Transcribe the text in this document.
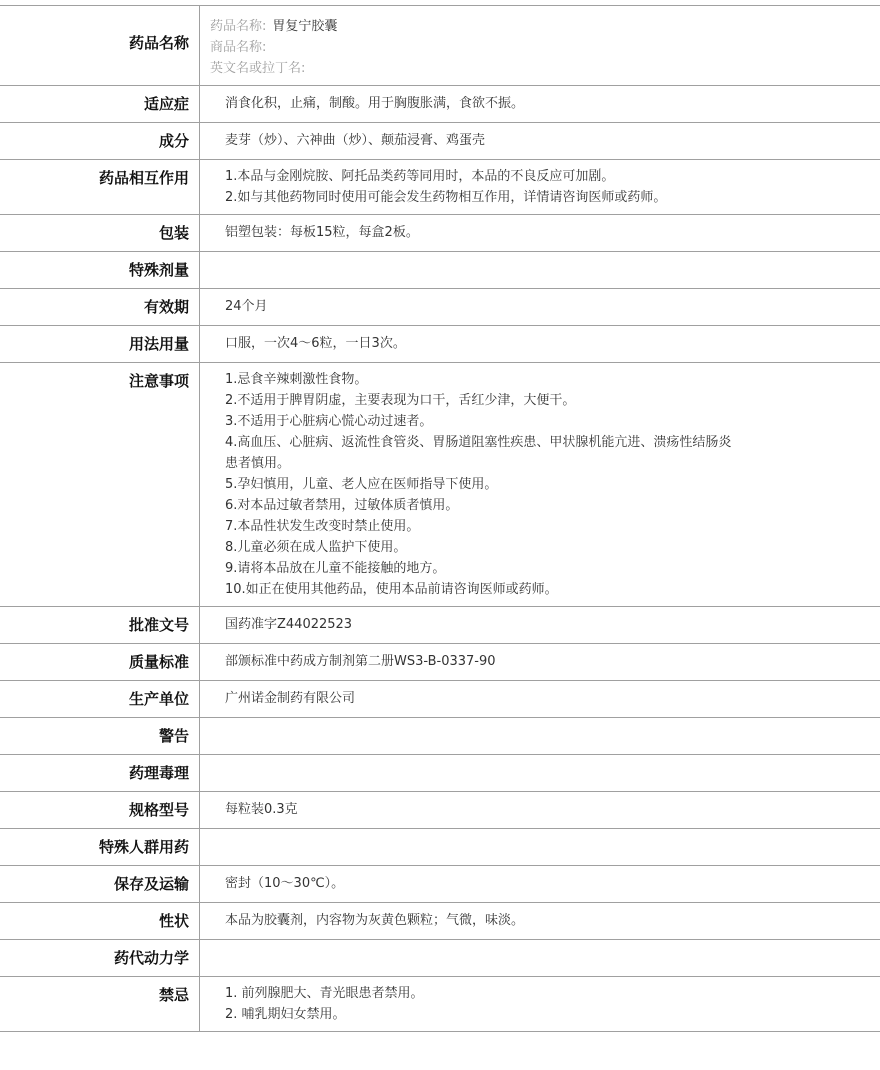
药品名称
药品名称: 胃复宁胶囊
商品名称:
英文名或拉丁名:
适应症	消食化积，止痛，制酸。用于胸腹胀满，食欲不振。
成分	麦芽（炒）、六神曲（炒）、颠茄浸膏、鸡蛋壳
药品相互作用	1.本品与金刚烷胺、阿托品类药等同用时，本品的不良反应可加剧。
2.如与其他药物同时使用可能会发生药物相互作用，详情请咨询医师或药师。
包装	铝塑包装：每板15粒，每盒2板。
特殊剂量
有效期	24个月
用法用量	口服，一次4～6粒，一日3次。
注意事项	1.忌食辛辣刺激性食物。
2.不适用于脾胃阴虚，主要表现为口干，舌红少津，大便干。
3.不适用于心脏病心慌心动过速者。
4.高血压、心脏病、返流性食管炎、胃肠道阻塞性疾患、甲状腺机能亢进、溃疡性结肠炎
患者慎用。
5.孕妇慎用，儿童、老人应在医师指导下使用。
6.对本品过敏者禁用，过敏体质者慎用。
7.本品性状发生改变时禁止使用。
8.儿童必须在成人监护下使用。
9.请将本品放在儿童不能接触的地方。
10.如正在使用其他药品，使用本品前请咨询医师或药师。
批准文号	国药准字Z44022523
质量标准	部颁标准中药成方制剂第二册WS3-B-0337-90
生产单位	广州诺金制药有限公司
警告
药理毒理
规格型号	每粒装0.3克
特殊人群用药
保存及运输	密封（10～30℃）。
性状	本品为胶囊剂，内容物为灰黄色颗粒；气微，味淡。
药代动力学
禁忌	1. 前列腺肥大、青光眼患者禁用。
2. 哺乳期妇女禁用。
